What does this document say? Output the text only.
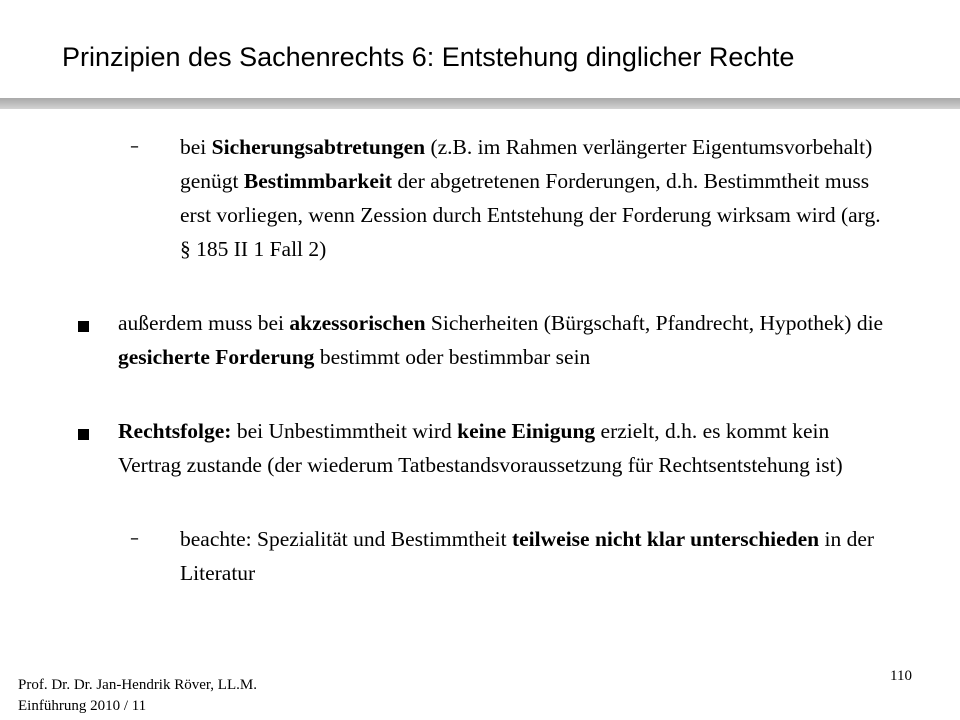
Prinzipien des Sachenrechts 6: Entstehung dinglicher Rechte
– bei Sicherungsabtretungen (z.B. im Rahmen verlängerter Eigentumsvorbehalt) genügt Bestimmbarkeit der abgetretenen Forderungen, d.h. Bestimmtheit muss erst vorliegen, wenn Zession durch Entstehung der Forderung wirksam wird (arg. § 185 II 1 Fall 2)
außerdem muss bei akzessorischen Sicherheiten (Bürgschaft, Pfandrecht, Hypothek) die gesicherte Forderung bestimmt oder bestimmbar sein
Rechtsfolge: bei Unbestimmtheit wird keine Einigung erzielt, d.h. es kommt kein Vertrag zustande (der wiederum Tatbestandsvoraussetzung für Rechtsentstehung ist)
– beachte: Spezialität und Bestimmtheit teilweise nicht klar unterschieden in der Literatur
Prof. Dr. Dr. Jan-Hendrik Röver, LL.M.
Einführung 2010 / 11
110
